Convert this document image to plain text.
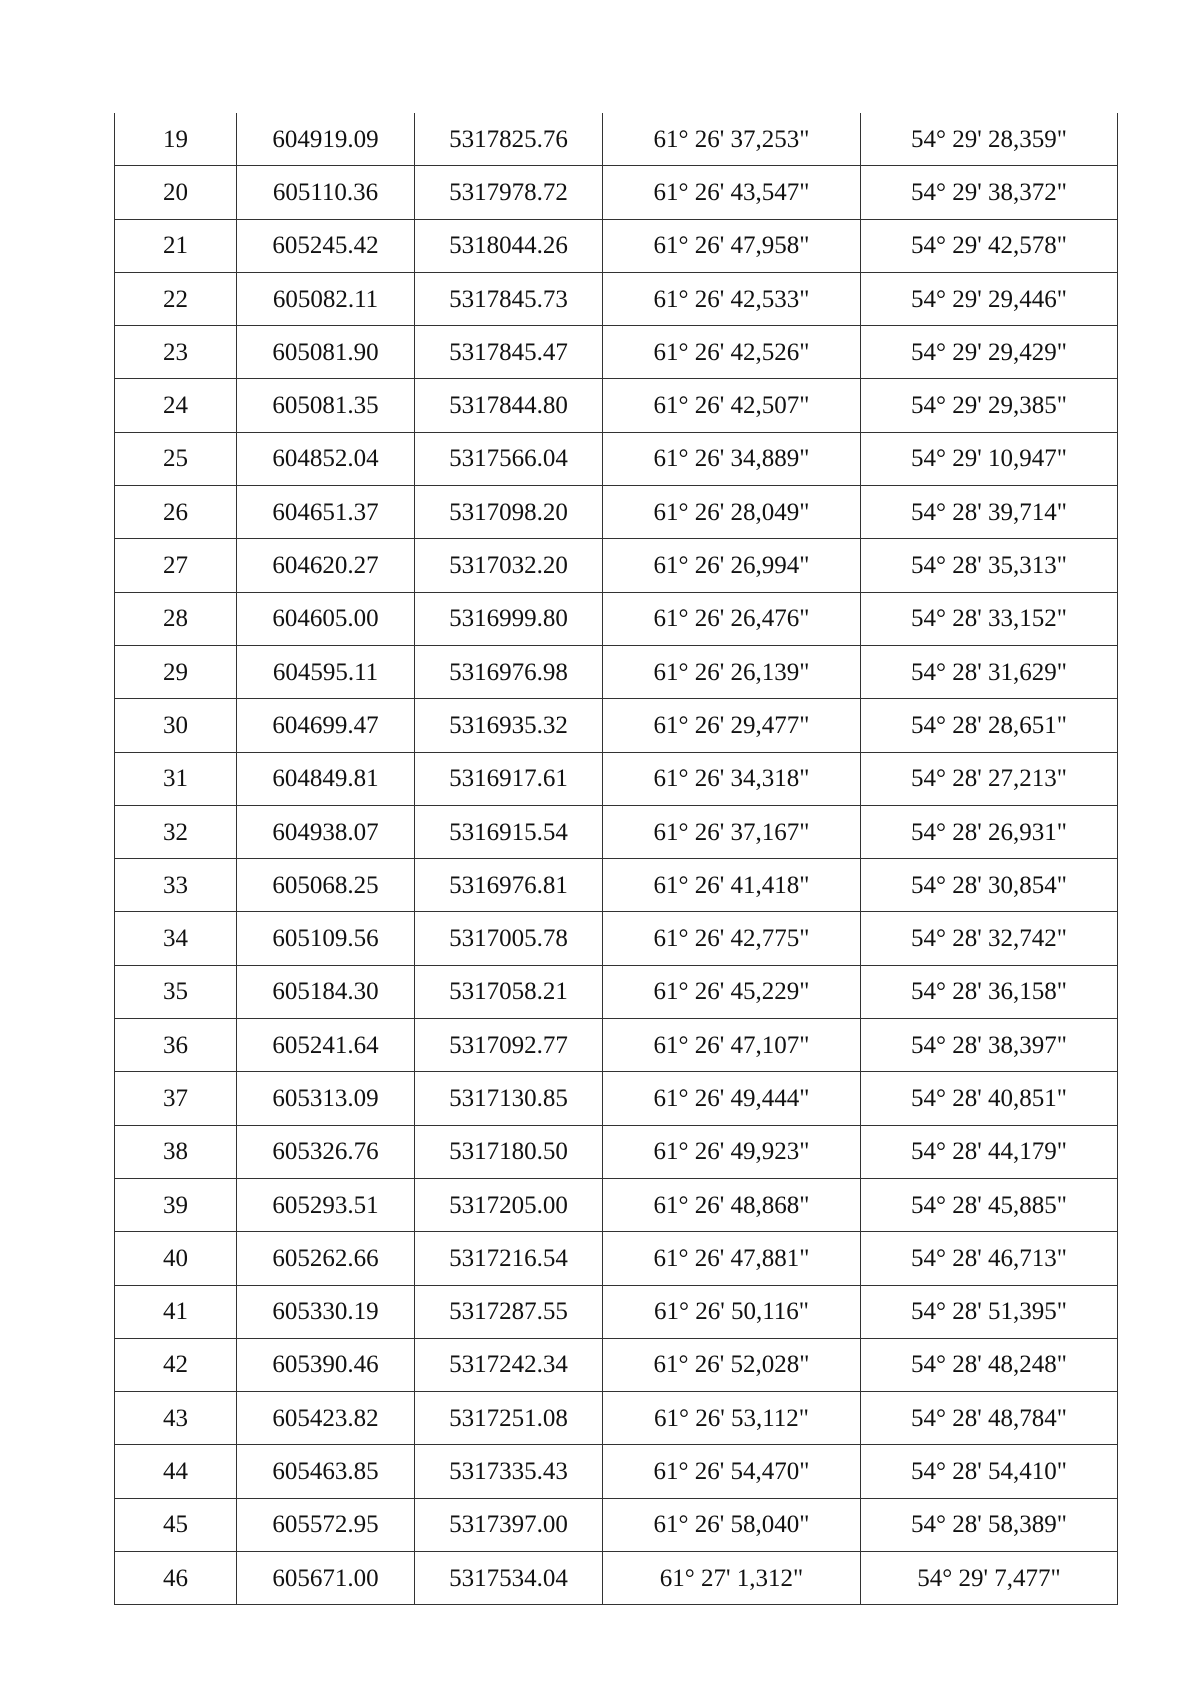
19	604919.09	5317825.76	61° 26' 37,253"	54° 29' 28,359"
20	605110.36	5317978.72	61° 26' 43,547"	54° 29' 38,372"
21	605245.42	5318044.26	61° 26' 47,958"	54° 29' 42,578"
22	605082.11	5317845.73	61° 26' 42,533"	54° 29' 29,446"
23	605081.90	5317845.47	61° 26' 42,526"	54° 29' 29,429"
24	605081.35	5317844.80	61° 26' 42,507"	54° 29' 29,385"
25	604852.04	5317566.04	61° 26' 34,889"	54° 29' 10,947"
26	604651.37	5317098.20	61° 26' 28,049"	54° 28' 39,714"
27	604620.27	5317032.20	61° 26' 26,994"	54° 28' 35,313"
28	604605.00	5316999.80	61° 26' 26,476"	54° 28' 33,152"
29	604595.11	5316976.98	61° 26' 26,139"	54° 28' 31,629"
30	604699.47	5316935.32	61° 26' 29,477"	54° 28' 28,651"
31	604849.81	5316917.61	61° 26' 34,318"	54° 28' 27,213"
32	604938.07	5316915.54	61° 26' 37,167"	54° 28' 26,931"
33	605068.25	5316976.81	61° 26' 41,418"	54° 28' 30,854"
34	605109.56	5317005.78	61° 26' 42,775"	54° 28' 32,742"
35	605184.30	5317058.21	61° 26' 45,229"	54° 28' 36,158"
36	605241.64	5317092.77	61° 26' 47,107"	54° 28' 38,397"
37	605313.09	5317130.85	61° 26' 49,444"	54° 28' 40,851"
38	605326.76	5317180.50	61° 26' 49,923"	54° 28' 44,179"
39	605293.51	5317205.00	61° 26' 48,868"	54° 28' 45,885"
40	605262.66	5317216.54	61° 26' 47,881"	54° 28' 46,713"
41	605330.19	5317287.55	61° 26' 50,116"	54° 28' 51,395"
42	605390.46	5317242.34	61° 26' 52,028"	54° 28' 48,248"
43	605423.82	5317251.08	61° 26' 53,112"	54° 28' 48,784"
44	605463.85	5317335.43	61° 26' 54,470"	54° 28' 54,410"
45	605572.95	5317397.00	61° 26' 58,040"	54° 28' 58,389"
46	605671.00	5317534.04	61° 27' 1,312"	54° 29' 7,477"
